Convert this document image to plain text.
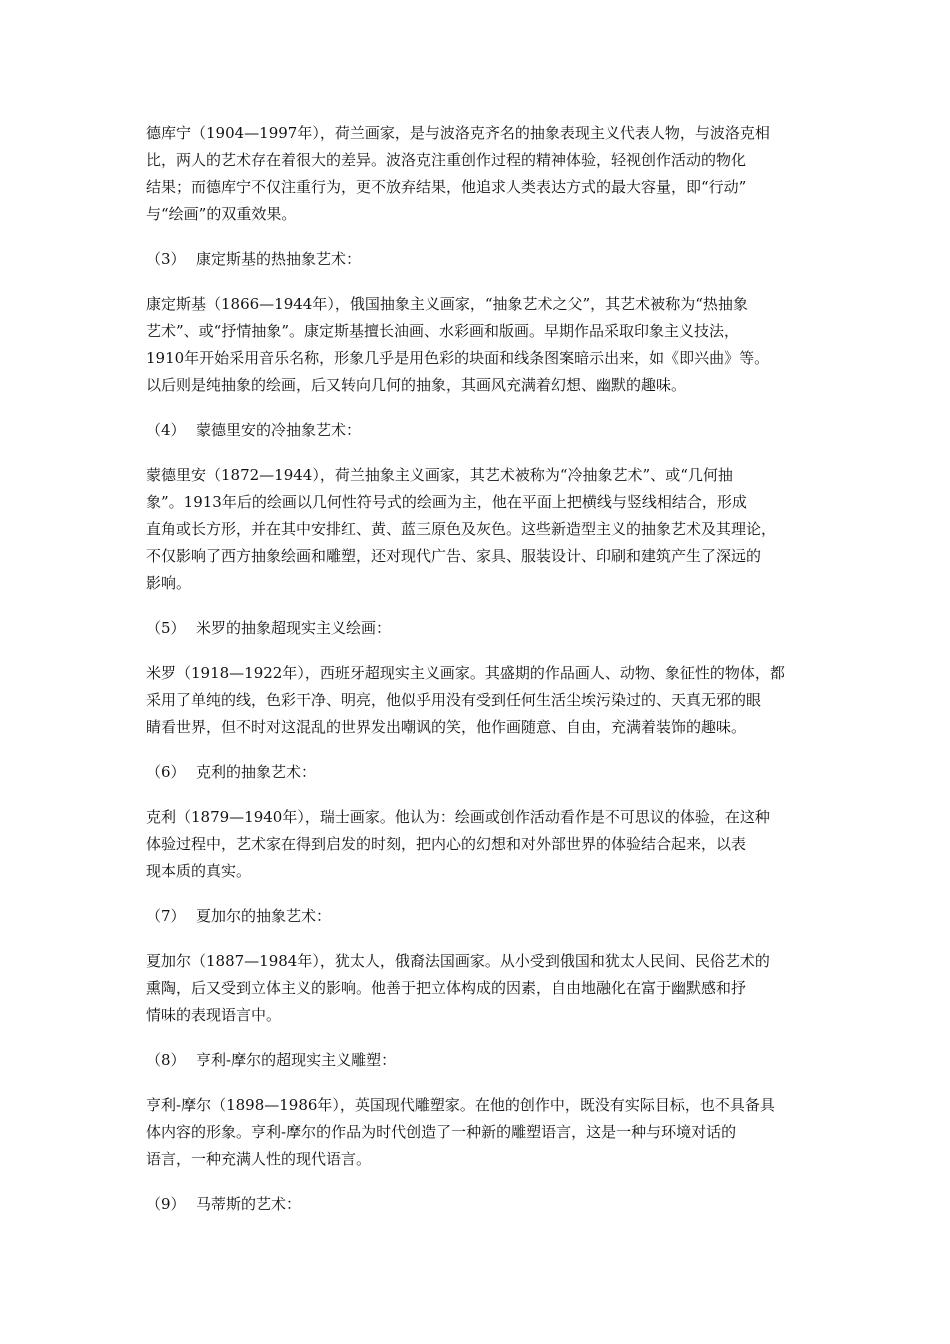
德库宁（1904—1997年），荷兰画家，是与波洛克齐名的抽象表现主义代表人物，与波洛克相
比，两人的艺术存在着很大的差异。波洛克注重创作过程的精神体验，轻视创作活动的物化
结果；而德库宁不仅注重行为，更不放弃结果，他追求人类表达方式的最大容量，即“行动”
与“绘画”的双重效果。

（3） 康定斯基的热抽象艺术：

康定斯基（1866—1944年），俄国抽象主义画家，“抽象艺术之父”，其艺术被称为“热抽象
艺术”、或“抒情抽象”。康定斯基擅长油画、水彩画和版画。早期作品采取印象主义技法，
1910年开始采用音乐名称，形象几乎是用色彩的块面和线条图案暗示出来，如《即兴曲》等。
以后则是纯抽象的绘画，后又转向几何的抽象，其画风充满着幻想、幽默的趣味。

（4） 蒙德里安的冷抽象艺术：

蒙德里安（1872—1944），荷兰抽象主义画家，其艺术被称为“冷抽象艺术”、或“几何抽
象”。1913年后的绘画以几何性符号式的绘画为主，他在平面上把横线与竖线相结合，形成
直角或长方形，并在其中安排红、黄、蓝三原色及灰色。这些新造型主义的抽象艺术及其理论，
不仅影响了西方抽象绘画和雕塑，还对现代广告、家具、服装设计、印刷和建筑产生了深远的
影响。

（5） 米罗的抽象超现实主义绘画：

米罗（1918—1922年），西班牙超现实主义画家。其盛期的作品画人、动物、象征性的物体，都
采用了单纯的线，色彩干净、明亮，他似乎用没有受到任何生活尘埃污染过的、天真无邪的眼
睛看世界，但不时对这混乱的世界发出嘲讽的笑，他作画随意、自由，充满着装饰的趣味。

（6） 克利的抽象艺术：

克利（1879—1940年），瑞士画家。他认为：绘画或创作活动看作是不可思议的体验，在这种
体验过程中，艺术家在得到启发的时刻，把内心的幻想和对外部世界的体验结合起来，以表
现本质的真实。

（7） 夏加尔的抽象艺术：

夏加尔（1887—1984年），犹太人，俄裔法国画家。从小受到俄国和犹太人民间、民俗艺术的
熏陶，后又受到立体主义的影响。他善于把立体构成的因素，自由地融化在富于幽默感和抒
情味的表现语言中。

（8） 亨利-摩尔的超现实主义雕塑：

亨利-摩尔（1898—1986年），英国现代雕塑家。在他的创作中，既没有实际目标，也不具备具
体内容的形象。亨利-摩尔的作品为时代创造了一种新的雕塑语言，这是一种与环境对话的
语言，一种充满人性的现代语言。

（9） 马蒂斯的艺术：
